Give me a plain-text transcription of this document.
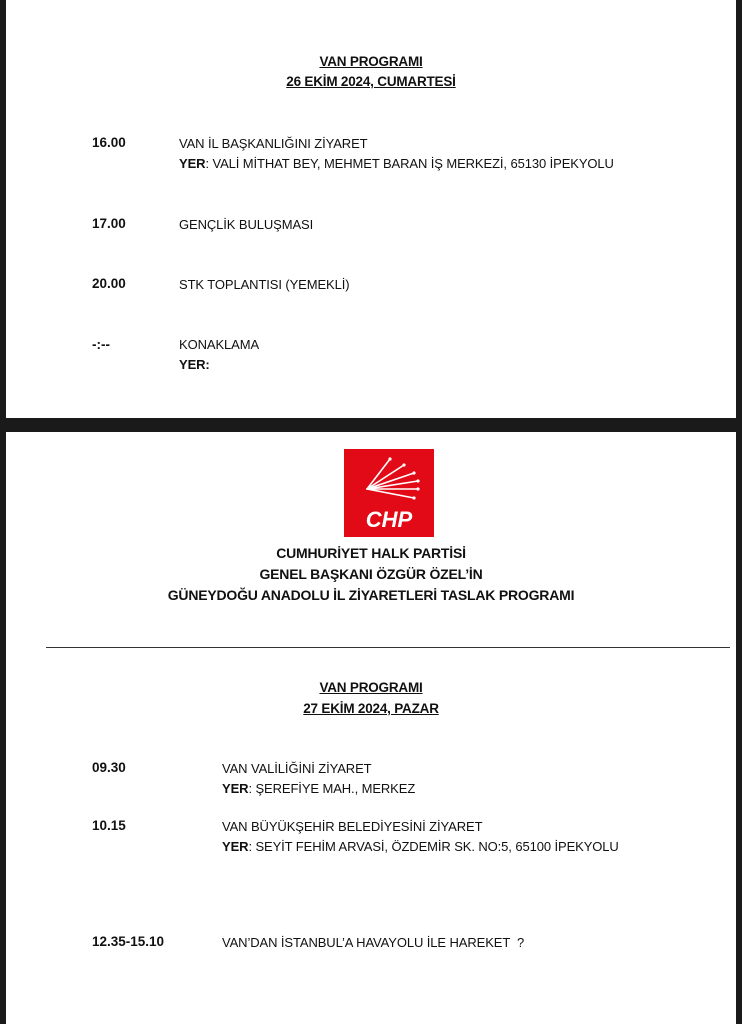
VAN PROGRAMI
26 EKİM 2024, CUMARTESİ
16.00	VAN İL BAŞKANLIĞINI ZİYARET
YER: VALİ MİTHAT BEY, MEHMET BARAN İŞ MERKEZİ, 65130 İPEKYOLU
17.00	GENÇLİK BULUŞMASI
20.00	STK TOPLANTISI (YEMEKLİ)
-:--	KONAKLAMA
YER:
CHP
CUMHURİYET HALK PARTİSİ
GENEL BAŞKANI ÖZGÜR ÖZEL’İN
GÜNEYDOĞU ANADOLU İL ZİYARETLERİ TASLAK PROGRAMI
VAN PROGRAMI
27 EKİM 2024, PAZAR
09.30	VAN VALİLİĞİNİ ZİYARET
YER: ŞEREFİYE MAH., MERKEZ
10.15	VAN BÜYÜKŞEHİR BELEDİYESİNİ ZİYARET
YER: SEYİT FEHİM ARVASİ, ÖZDEMİR SK. NO:5, 65100 İPEKYOLU
12.35-15.10	VAN’DAN İSTANBUL’A HAVAYOLU İLE HAREKET  ?
